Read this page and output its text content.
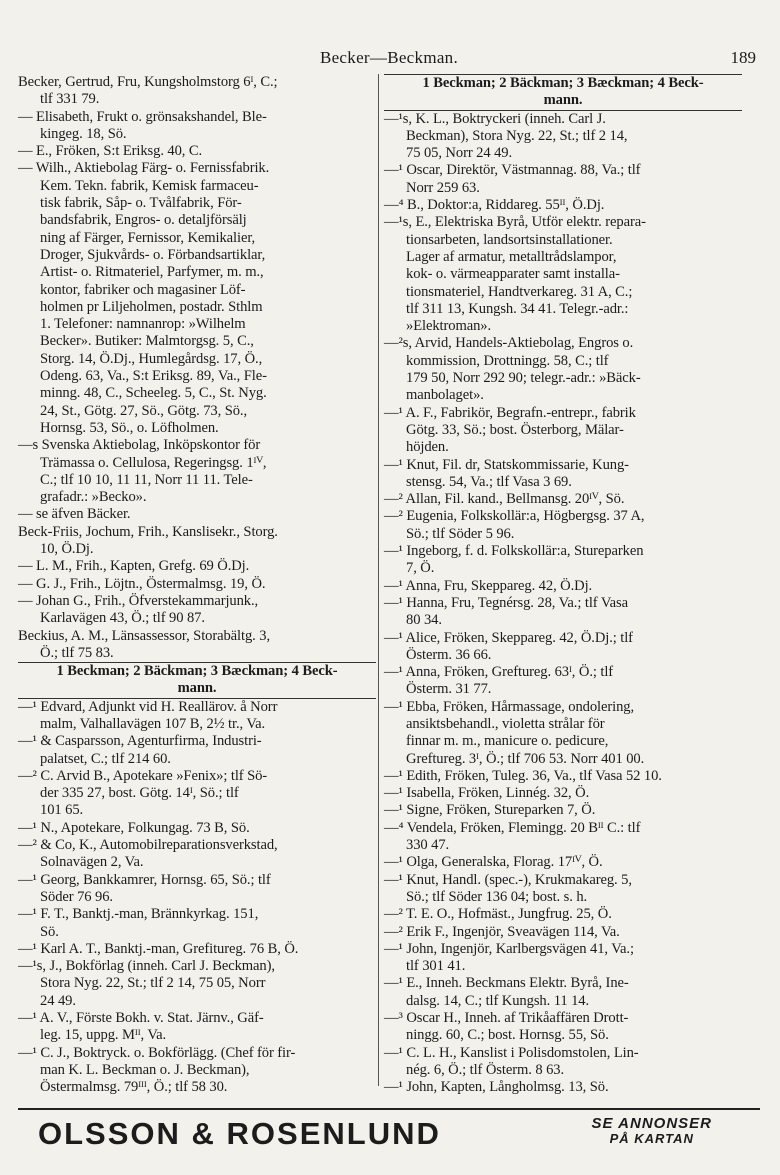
Becker—Beckman.	189
Becker, Gertrud, Fru, Kungsholmstorg 6ᴵ, C.;
tlf 331 79.
— Elisabeth, Frukt o. grönsakshandel, Ble-
kingeg. 18, Sö.
— E., Fröken, S:t Eriksg. 40, C.
— Wilh., Aktiebolag Färg- o. Fernissfabrik.
Kem. Tekn. fabrik, Kemisk farmaceu-
tisk fabrik, Såp- o. Tvålfabrik, För-
bandsfabrik, Engros- o. detaljförsälj
ning af Färger, Fernissor, Kemikalier,
Droger, Sjukvårds- o. Förbandsartiklar,
Artist- o. Ritmateriel, Parfymer, m. m.,
kontor, fabriker och magasiner Löf-
holmen pr Liljeholmen, postadr. Sthlm
1. Telefoner: namnanrop: »Wilhelm
Becker». Butiker: Malmtorgsg. 5, C.,
Storg. 14, Ö.Dj., Humlegårdsg. 17, Ö.,
Odeng. 63, Va., S:t Eriksg. 89, Va., Fle-
minng. 48, C., Scheeleg. 5, C., St. Nyg.
24, St., Götg. 27, Sö., Götg. 73, Sö.,
Hornsg. 53, Sö., o. Löfholmen.
—s Svenska Aktiebolag, Inköpskontor för
Trämassa o. Cellulosa, Regeringsg. 1ᴵⱽ,
C.; tlf 10 10, 11 11, Norr 11 11. Tele-
grafadr.: »Becko».
— se äfven Bäcker.
Beck-Friis, Jochum, Frih., Kanslisekr., Storg.
10, Ö.Dj.
— L. M., Frih., Kapten, Grefg. 69 Ö.Dj.
— G. J., Frih., Löjtn., Östermalmsg. 19, Ö.
— Johan G., Frih., Öfverstekammarjunk.,
Karlavägen 43, Ö.; tlf 90 87.
Beckius, A. M., Länsassessor, Storabältg. 3,
Ö.; tlf 75 83.
1 Beckman; 2 Bäckman; 3 Bæckman; 4 Beck-
mann.
—¹ Edvard, Adjunkt vid H. Reallärov. å Norr
malm, Valhallavägen 107 B, 2½ tr., Va.
—¹ & Casparsson, Agenturfirma, Industri-
palatset, C.; tlf 214 60.
—² C. Arvid B., Apotekare »Fenix»; tlf Sö-
der 335 27, bost. Götg. 14ᴵ, Sö.; tlf
101 65.
—¹ N., Apotekare, Folkungag. 73 B, Sö.
—² & Co, K., Automobilreparationsverkstad,
Solnavägen 2, Va.
—¹ Georg, Bankkamrer, Hornsg. 65, Sö.; tlf
Söder 76 96.
—¹ F. T., Banktj.-man, Brännkyrkag. 151,
Sö.
—¹ Karl A. T., Banktj.-man, Grefitureg. 76 B, Ö.
—¹s, J., Bokförlag (inneh. Carl J. Beckman),
Stora Nyg. 22, St.; tlf 2 14, 75 05, Norr
24 49.
—¹ A. V., Förste Bokh. v. Stat. Järnv., Gäf-
leg. 15, uppg. Mᴵᴵ, Va.
—¹ C. J., Boktryck. o. Bokförlägg. (Chef för fir-
man K. L. Beckman o. J. Beckman),
Östermalmsg. 79ᴵᴵᴵ, Ö.; tlf 58 30.
1 Beckman; 2 Bäckman; 3 Bæckman; 4 Beck-
mann.
—¹s, K. L., Boktryckeri (inneh. Carl J.
Beckman), Stora Nyg. 22, St.; tlf 2 14,
75 05, Norr 24 49.
—¹ Oscar, Direktör, Västmannag. 88, Va.; tlf
Norr 259 63.
—⁴ B., Doktor:a, Riddareg. 55ᴵᴵ, Ö.Dj.
—¹s, E., Elektriska Byrå, Utför elektr. repara-
tionsarbeten, landsortsinstallationer.
Lager af armatur, metalltrådslampor,
kok- o. värmeapparater samt installa-
tionsmateriel, Handtverkareg. 31 A, C.;
tlf 311 13, Kungsh. 34 41. Telegr.-adr.:
»Elektroman».
—²s, Arvid, Handels-Aktiebolag, Engros o.
kommission, Drottningg. 58, C.; tlf
179 50, Norr 292 90; telegr.-adr.: »Bäck-
manbolaget».
—¹ A. F., Fabrikör, Begrafn.-entrepr., fabrik
Götg. 33, Sö.; bost. Österborg, Mälar-
höjden.
—¹ Knut, Fil. dr, Statskommissarie, Kung-
stensg. 54, Va.; tlf Vasa 3 69.
—² Allan, Fil. kand., Bellmansg. 20ᴵⱽ, Sö.
—² Eugenia, Folkskollär:a, Högbergsg. 37 A,
Sö.; tlf Söder 5 96.
—¹ Ingeborg, f. d. Folkskollär:a, Stureparken
7, Ö.
—¹ Anna, Fru, Skeppareg. 42, Ö.Dj.
—¹ Hanna, Fru, Tegnérsg. 28, Va.; tlf Vasa
80 34.
—¹ Alice, Fröken, Skeppareg. 42, Ö.Dj.; tlf
Österm. 36 66.
—¹ Anna, Fröken, Greftureg. 63ᴵ, Ö.; tlf
Österm. 31 77.
—¹ Ebba, Fröken, Hårmassage, ondolering,
ansiktsbehandl., violetta strålar för
finnar m. m., manicure o. pedicure,
Greftureg. 3ᴵ, Ö.; tlf 706 53. Norr 401 00.
—¹ Edith, Fröken, Tuleg. 36, Va., tlf Vasa 52 10.
—¹ Isabella, Fröken, Linnég. 32, Ö.
—¹ Signe, Fröken, Stureparken 7, Ö.
—⁴ Vendela, Fröken, Flemingg. 20 Bᴵᴵ C.: tlf
330 47.
—¹ Olga, Generalska, Florag. 17ᴵⱽ, Ö.
—¹ Knut, Handl. (spec.-), Krukmakareg. 5,
Sö.; tlf Söder 136 04; bost. s. h.
—² T. E. O., Hofmäst., Jungfrug. 25, Ö.
—² Erik F., Ingenjör, Sveavägen 114, Va.
—¹ John, Ingenjör, Karlbergsvägen 41, Va.;
tlf 301 41.
—¹ E., Inneh. Beckmans Elektr. Byrå, Ine-
dalsg. 14, C.; tlf Kungsh. 11 14.
—³ Oscar H., Inneh. af Trikåaffären Drott-
ningg. 60, C.; bost. Hornsg. 55, Sö.
—¹ C. L. H., Kanslist i Polisdomstolen, Lin-
nég. 6, Ö.; tlf Österm. 8 63.
—¹ John, Kapten, Långholmsg. 13, Sö.
OLSSON & ROSENLUND	SE ANNONSER
PÅ KARTAN
